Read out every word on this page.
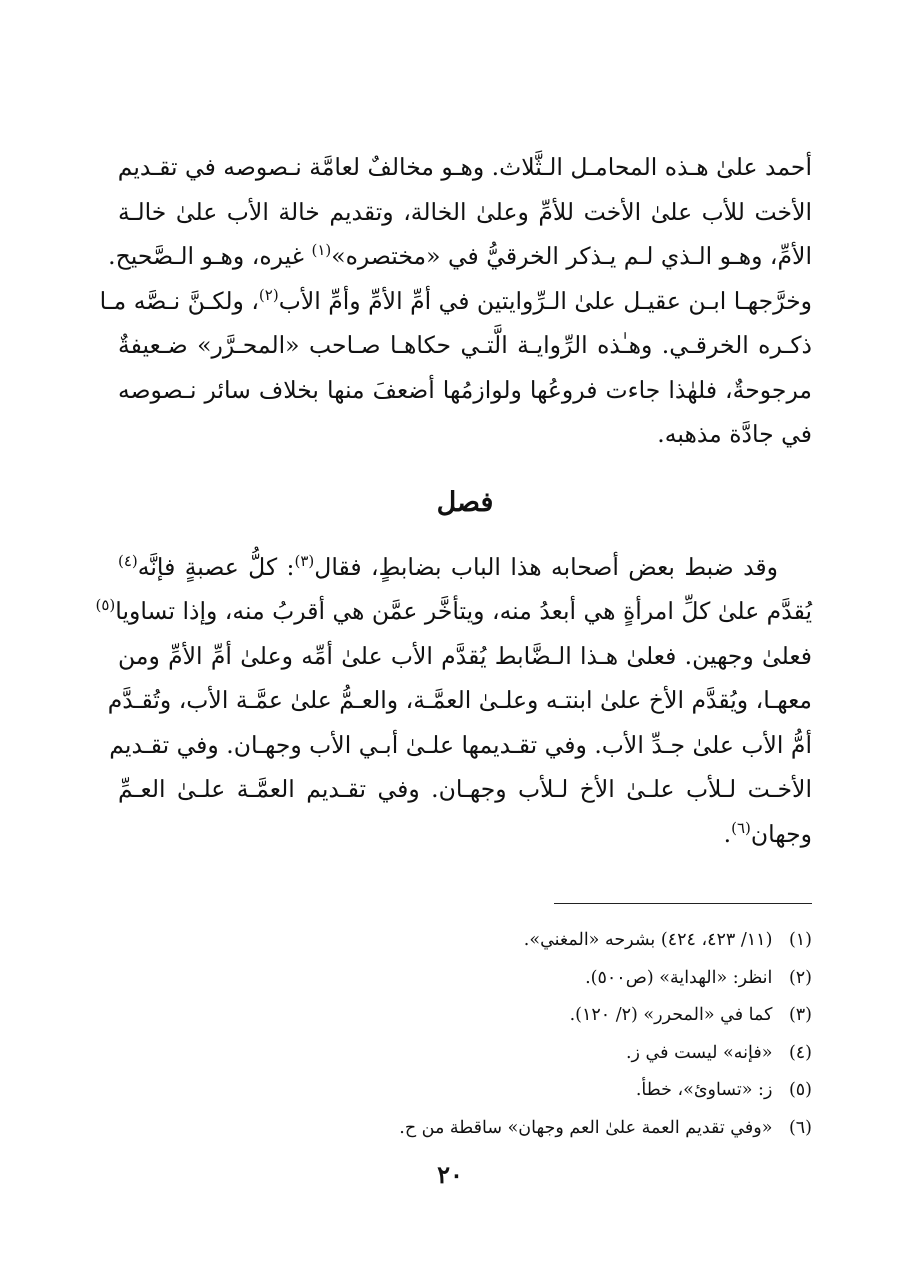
أحمد علىٰ هـذه المحامـل الـثَّلاث. وهـو مخالفٌ لعامَّة نـصوصه في تقـديم
الأخت للأب علىٰ الأخت للأمِّ وعلىٰ الخالة، وتقديم خالة الأب علىٰ خالـة
الأمِّ، وهـو الـذي لـم يـذكر الخرقيُّ في «مختصره»$^{(١)}$ غيره، وهـو الـصَّحيح.
وخرَّجهـا ابـن عقيـل علىٰ الـرِّوايتين في أمِّ الأمِّ وأمِّ الأب$^{(٢)}$، ولكـنَّ نـصَّه مـا
ذكـره الخرقـي. وهـٰذه الرِّوايـة الَّتـي حكاهـا صـاحب «المحـرَّر» ضـعيفةٌ
مرجوحةٌ، فلهٰذا جاءت فروعُها ولوازمُها أضعفَ منها بخلاف سائر نـصوصه
في جادَّة مذهبه.

فصل

وقد ضبط بعض أصحابه هذا الباب بضابطٍ، فقال$^{(٣)}$: كلُّ عصبةٍ فإنَّه$^{(٤)}$
يُقدَّم علىٰ كلِّ امرأةٍ هي أبعدُ منه، ويتأخَّر عمَّن هي أقربُ منه، وإذا تساويا$^{(٥)}$
فعلىٰ وجهين. فعلىٰ هـذا الـضَّابط يُقدَّم الأب علىٰ أمِّه وعلىٰ أمِّ الأمِّ ومن
معهـا، ويُقدَّم الأخ علىٰ ابنتـه وعلـىٰ العمَّـة، والعـمُّ علىٰ عمَّـة الأب، وتُقـدَّم
أمُّ الأب علىٰ جـدِّ الأب. وفي تقـديمها علـىٰ أبـي الأب وجهـان. وفي تقـديم
الأخـت لـلأب علـىٰ الأخ لـلأب وجهـان. وفي تقـديم العمَّـة علـىٰ العـمِّ
وجهان$^{(٦)}$.

(١) (١١/ ٤٢٣، ٤٢٤) بشرحه «المغني».
(٢) انظر: «الهداية» (ص٥٠٠).
(٣) كما في «المحرر» (٢/ ١٢٠).
(٤) «فإنه» ليست في ز.
(٥) ز: «تساوئ»، خطأ.
(٦) «وفي تقديم العمة علىٰ العم وجهان» ساقطة من ح.
٢٠
